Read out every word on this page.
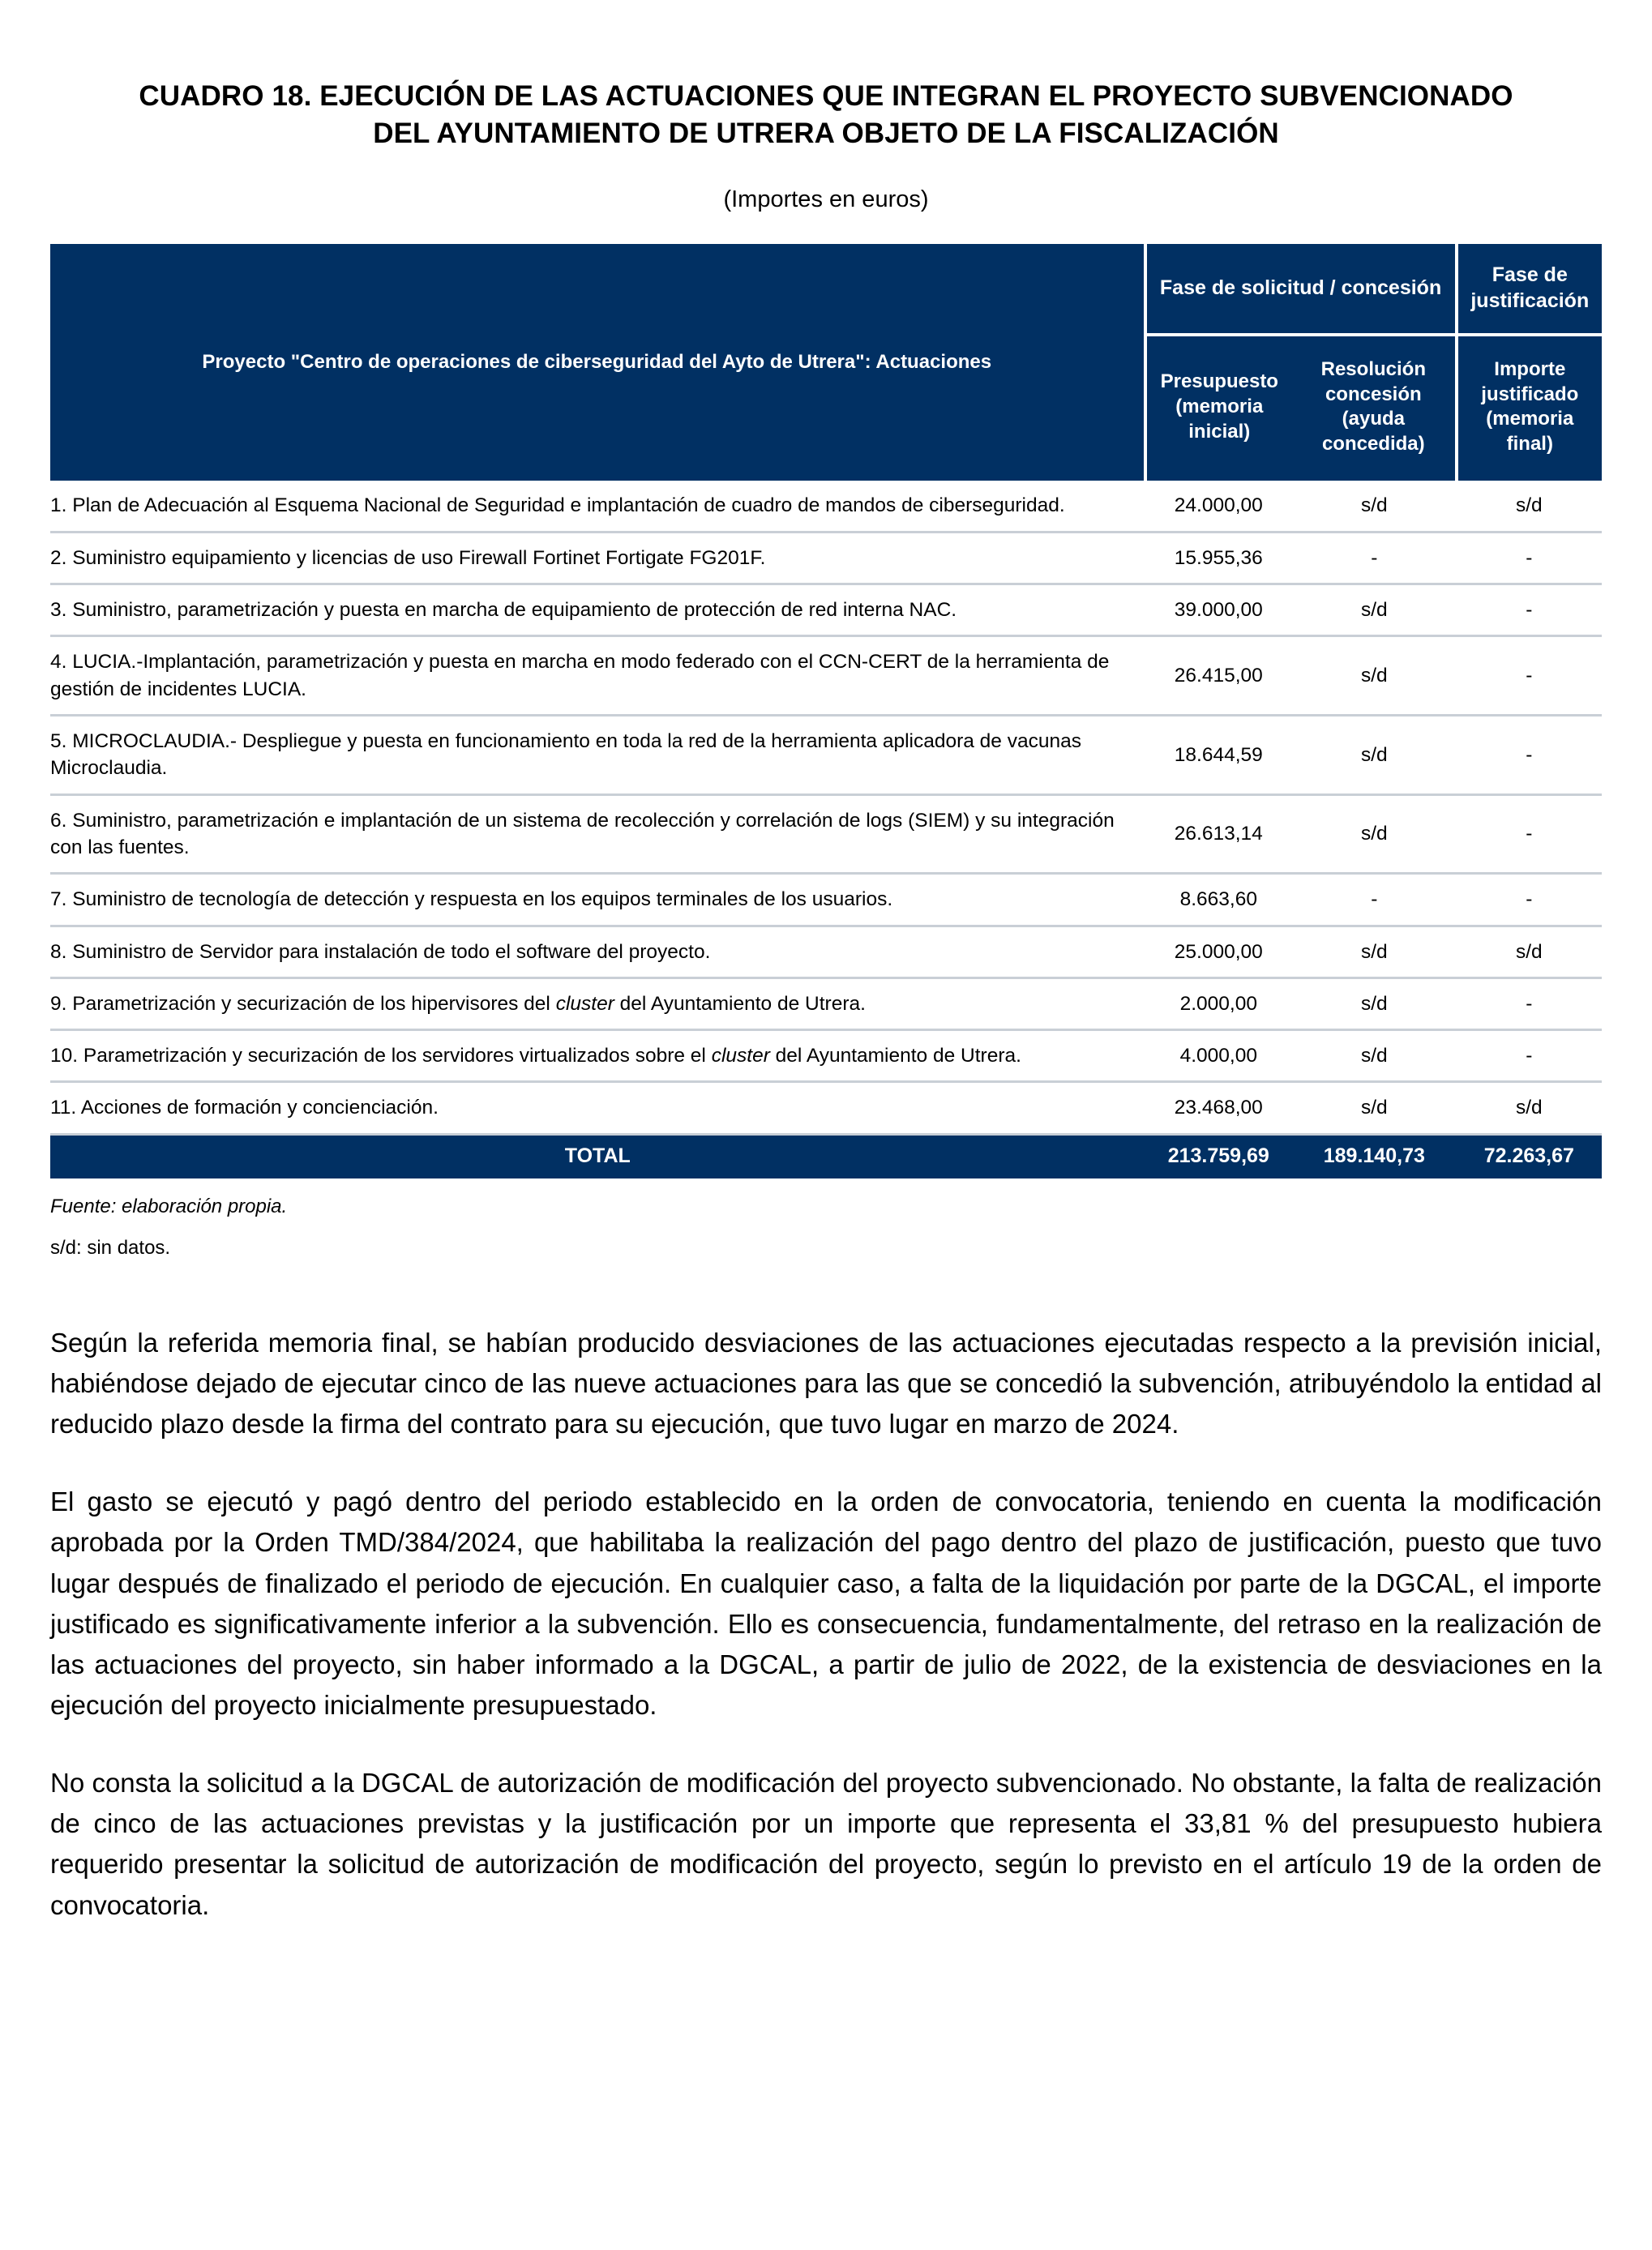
CUADRO 18. EJECUCIÓN DE LAS ACTUACIONES QUE INTEGRAN EL PROYECTO SUBVENCIONADO DEL AYUNTAMIENTO DE UTRERA OBJETO DE LA FISCALIZACIÓN
(Importes en euros)
Proyecto "Centro de operaciones de ciberseguridad del Ayto de Utrera": Actuaciones	Fase de solicitud / concesión		Fase de justificación
	Presupuesto (memoria inicial)	Resolución concesión (ayuda concedida)	Importe justificado (memoria final)
1. Plan de Adecuación al Esquema Nacional de Seguridad e implantación de cuadro de mandos de ciberseguridad.	24.000,00	s/d	s/d
2. Suministro equipamiento y licencias de uso Firewall Fortinet Fortigate FG201F.	15.955,36	-	-
3. Suministro, parametrización y puesta en marcha de equipamiento de protección de red interna NAC.	39.000,00	s/d	-
4. LUCIA.-Implantación, parametrización y puesta en marcha en modo federado con el CCN-CERT de la herramienta de gestión de incidentes LUCIA.	26.415,00	s/d	-
5. MICROCLAUDIA.- Despliegue y puesta en funcionamiento en toda la red de la herramienta aplicadora de vacunas Microclaudia.	18.644,59	s/d	-
6. Suministro, parametrización e implantación de un sistema de recolección y correlación de logs (SIEM) y su integración con las fuentes.	26.613,14	s/d	-
7. Suministro de tecnología de detección y respuesta en los equipos terminales de los usuarios.	8.663,60	-	-
8. Suministro de Servidor para instalación de todo el software del proyecto.	25.000,00	s/d	s/d
9. Parametrización y securización de los hipervisores del cluster del Ayuntamiento de Utrera.	2.000,00	s/d	-
10. Parametrización y securización de los servidores virtualizados sobre el cluster del Ayuntamiento de Utrera.	4.000,00	s/d	-
11. Acciones de formación y concienciación.	23.468,00	s/d	s/d
TOTAL	213.759,69	189.140,73	72.263,67
Fuente: elaboración propia.
s/d: sin datos.

Según la referida memoria final, se habían producido desviaciones de las actuaciones ejecutadas respecto a la previsión inicial, habiéndose dejado de ejecutar cinco de las nueve actuaciones para las que se concedió la subvención, atribuyéndolo la entidad al reducido plazo desde la firma del contrato para su ejecución, que tuvo lugar en marzo de 2024.

El gasto se ejecutó y pagó dentro del periodo establecido en la orden de convocatoria, teniendo en cuenta la modificación aprobada por la Orden TMD/384/2024, que habilitaba la realización del pago dentro del plazo de justificación, puesto que tuvo lugar después de finalizado el periodo de ejecución. En cualquier caso, a falta de la liquidación por parte de la DGCAL, el importe justificado es significativamente inferior a la subvención. Ello es consecuencia, fundamentalmente, del retraso en la realización de las actuaciones del proyecto, sin haber informado a la DGCAL, a partir de julio de 2022, de la existencia de desviaciones en la ejecución del proyecto inicialmente presupuestado.

No consta la solicitud a la DGCAL de autorización de modificación del proyecto subvencionado. No obstante, la falta de realización de cinco de las actuaciones previstas y la justificación por un importe que representa el 33,81 % del presupuesto hubiera requerido presentar la solicitud de autorización de modificación del proyecto, según lo previsto en el artículo 19 de la orden de convocatoria.
